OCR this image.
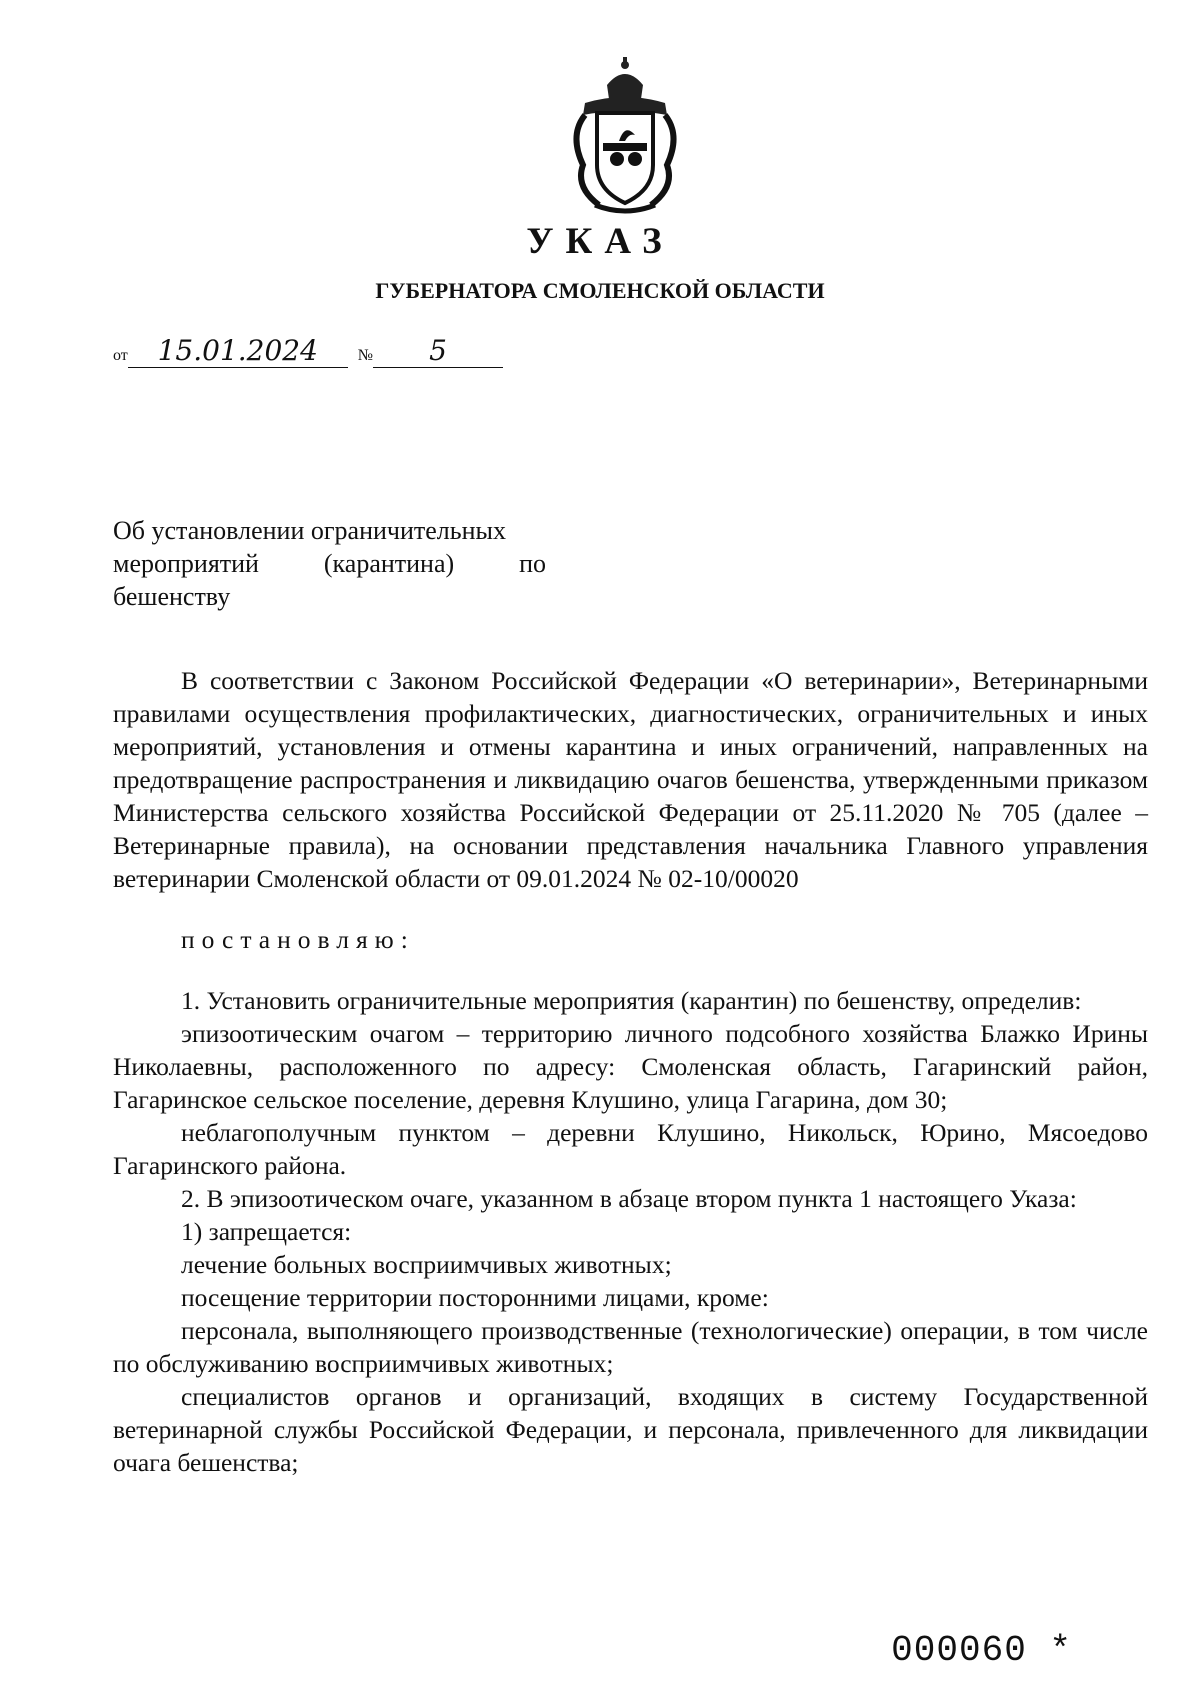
УКАЗ
ГУБЕРНАТОРА СМОЛЕНСКОЙ ОБЛАСТИ
от 15.01.2024 № 5
Об установлении ограничительных
мероприятий (карантина) по
бешенству

В соответствии с Законом Российской Федерации «О ветеринарии», Ветеринарными правилами осуществления профилактических, диагностических, ограничительных и иных мероприятий, установления и отмены карантина и иных ограничений, направленных на предотвращение распространения и ликвидацию очагов бешенства, утвержденными приказом Министерства сельского хозяйства Российской Федерации от 25.11.2020 № 705 (далее – Ветеринарные правила), на основании представления начальника Главного управления ветеринарии Смоленской области от 09.01.2024 № 02-10/00020

постановляю:

1. Установить ограничительные мероприятия (карантин) по бешенству, определив:

эпизоотическим очагом – территорию личного подсобного хозяйства Блажко Ирины Николаевны, расположенного по адресу: Смоленская область, Гагаринский район, Гагаринское сельское поселение, деревня Клушино, улица Гагарина, дом 30;

неблагополучным пунктом – деревни Клушино, Никольск, Юрино, Мясоедово Гагаринского района.

2. В эпизоотическом очаге, указанном в абзаце втором пункта 1 настоящего Указа:

1) запрещается:

лечение больных восприимчивых животных;

посещение территории посторонними лицами, кроме:

персонала, выполняющего производственные (технологические) операции, в том числе по обслуживанию восприимчивых животных;

специалистов органов и организаций, входящих в систему Государственной ветеринарной службы Российской Федерации, и персонала, привлеченного для ликвидации очага бешенства;

000060 *
